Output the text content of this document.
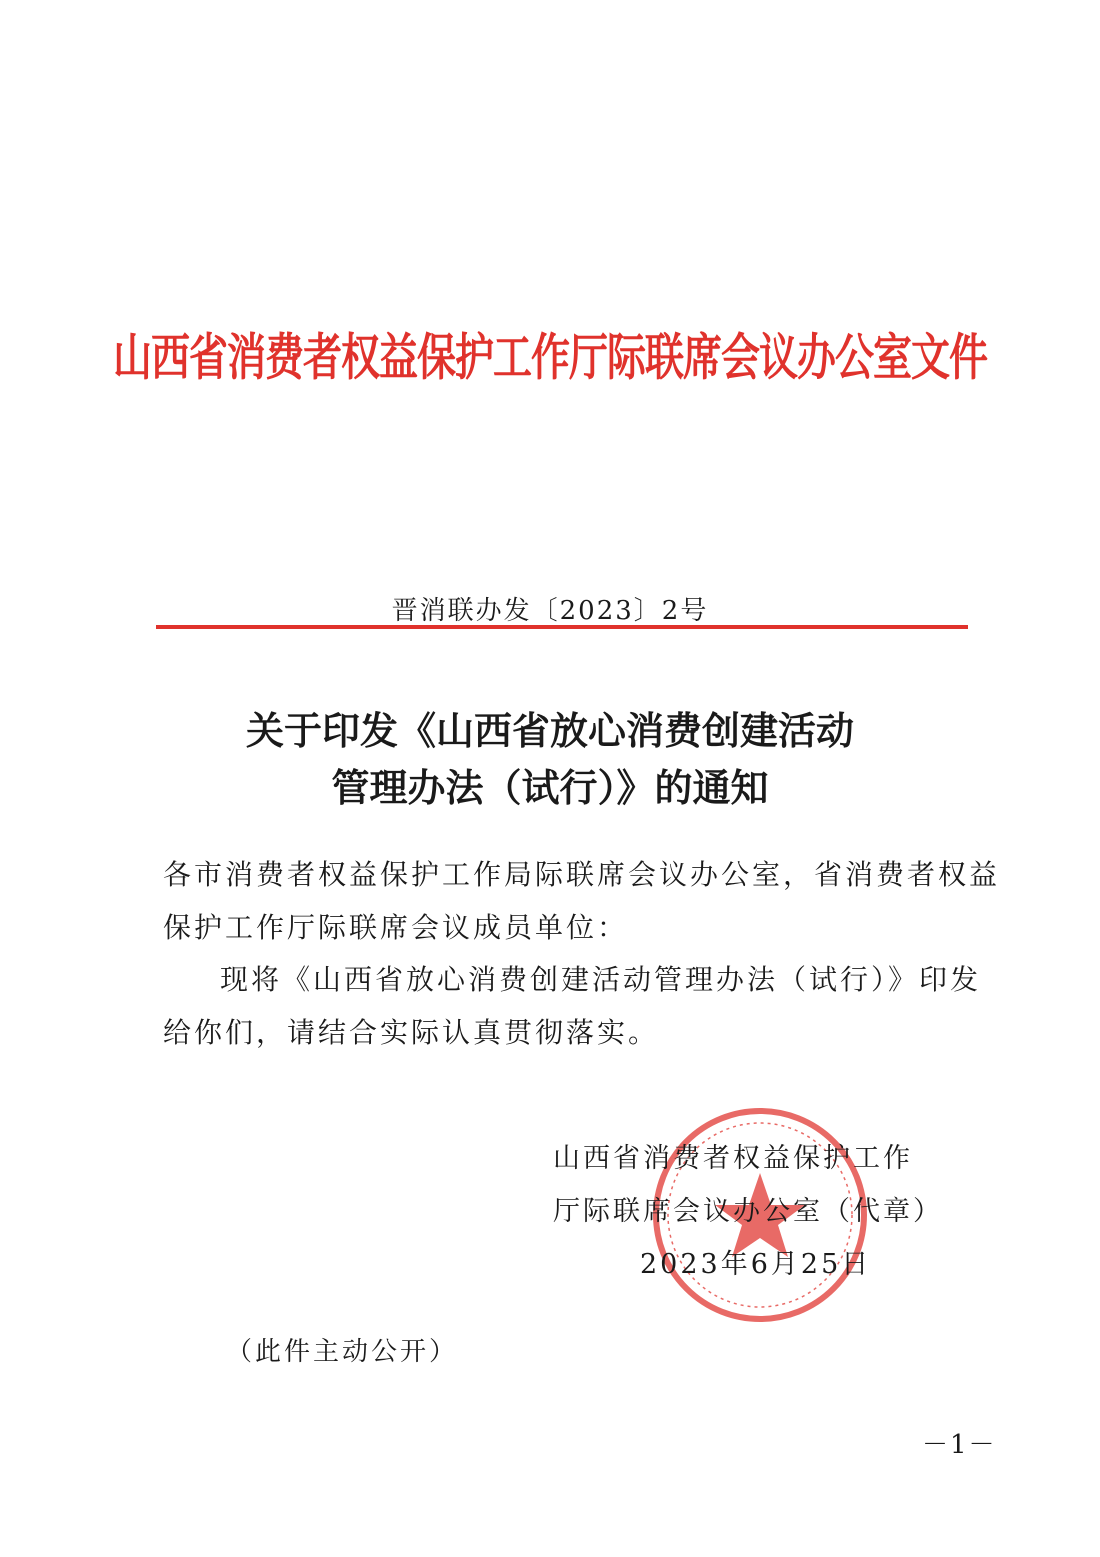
山西省消费者权益保护工作厅际联席会议办公室文件
晋消联办发〔2023〕2号
关于印发《山西省放心消费创建活动
管理办法（试行）》的通知
各市消费者权益保护工作局际联席会议办公室，省消费者权益
保护工作厅际联席会议成员单位：
现将《山西省放心消费创建活动管理办法（试行）》印发
给你们，请结合实际认真贯彻落实。
山西省消费者权益保护工作
厅际联席会议办公室（代章）
2023年6月25日
（此件主动公开）
－1－
